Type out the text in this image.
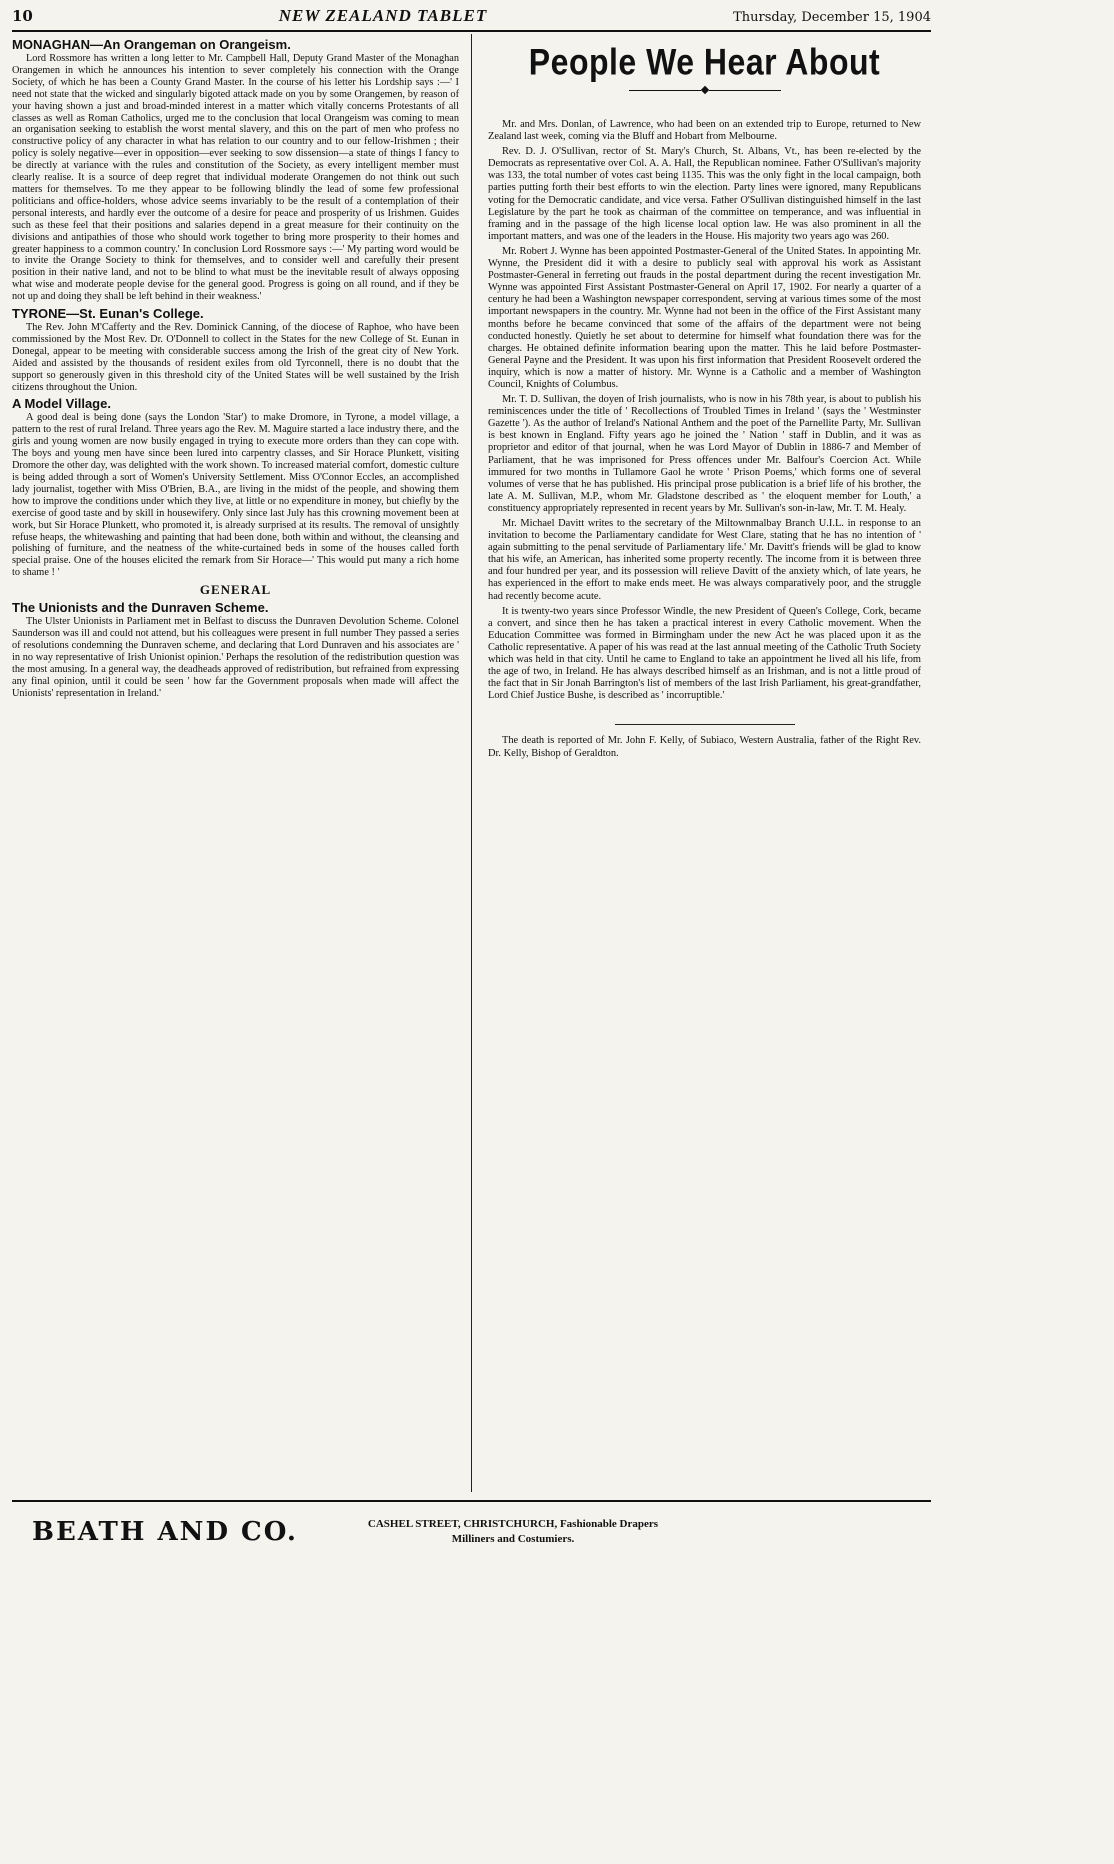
10	NEW ZEALAND TABLET	Thursday, December 15, 1904
MONAGHAN—An Orangeman on Orangeism.

Lord Rossmore has written a long letter to Mr. Campbell Hall, Deputy Grand Master of the Monaghan Orangemen in which he announces his intention to sever completely his connection with the Orange Society, of which he has been a County Grand Master. In the course of his letter his Lordship says :—' I need not state that the wicked and singularly bigoted attack made on you by some Orangemen, by reason of your having shown a just and broad-minded interest in a matter which vitally concerns Protestants of all classes as well as Roman Catholics, urged me to the conclusion that local Orangeism was coming to mean an organisation seeking to establish the worst mental slavery, and this on the part of men who profess no constructive policy of any character in what has relation to our country and to our fellow-Irishmen ; their policy is solely negative—ever in opposition—ever seeking to sow dissension—a state of things I fancy to be directly at variance with the rules and constitution of the Society, as every intelligent member must clearly realise. It is a source of deep regret that individual moderate Orangemen do not think out such matters for themselves. To me they appear to be following blindly the lead of some few professional politicians and office-holders, whose advice seems invariably to be the result of a contemplation of their personal interests, and hardly ever the outcome of a desire for peace and prosperity of us Irishmen. Guides such as these feel that their positions and salaries depend in a great measure for their continuity on the divisions and antipathies of those who should work together to bring more prosperity to their homes and greater happiness to a common country.' In conclusion Lord Rossmore says :—' My parting word would be to invite the Orange Society to think for themselves, and to consider well and carefully their present position in their native land, and not to be blind to what must be the inevitable result of always opposing what wise and moderate people devise for the general good. Progress is going on all round, and if they be not up and doing they shall be left behind in their weakness.'

TYRONE—St. Eunan's College.

The Rev. John M'Cafferty and the Rev. Dominick Canning, of the diocese of Raphoe, who have been commissioned by the Most Rev. Dr. O'Donnell to collect in the States for the new College of St. Eunan in Donegal, appear to be meeting with considerable success among the Irish of the great city of New York. Aided and assisted by the thousands of resident exiles from old Tyrconnell, there is no doubt that the support so generously given in this threshold city of the United States will be well sustained by the Irish citizens throughout the Union.

A Model Village.

A good deal is being done (says the London 'Star') to make Dromore, in Tyrone, a model village, a pattern to the rest of rural Ireland. Three years ago the Rev. M. Maguire started a lace industry there, and the girls and young women are now busily engaged in trying to execute more orders than they can cope with. The boys and young men have since been lured into carpentry classes, and Sir Horace Plunkett, visiting Dromore the other day, was delighted with the work shown. To increased material comfort, domestic culture is being added through a sort of Women's University Settlement. Miss O'Connor Eccles, an accomplished lady journalist, together with Miss O'Brien, B.A., are living in the midst of the people, and showing them how to improve the conditions under which they live, at little or no expenditure in money, but chiefly by the exercise of good taste and by skill in housewifery. Only since last July has this crowning movement been at work, but Sir Horace Plunkett, who promoted it, is already surprised at its results. The removal of unsightly refuse heaps, the whitewashing and painting that had been done, both within and without, the cleansing and polishing of furniture, and the neatness of the white-curtained beds in some of the houses called forth special praise. One of the houses elicited the remark from Sir Horace—' This would put many a rich home to shame ! '

GENERAL
The Unionists and the Dunraven Scheme.

The Ulster Unionists in Parliament met in Belfast to discuss the Dunraven Devolution Scheme. Colonel Saunderson was ill and could not attend, but his colleagues were present in full number They passed a series of resolutions condemning the Dunraven scheme, and declaring that Lord Dunraven and his associates are ' in no way representative of Irish Unionist opinion.' Perhaps the resolution of the redistribution question was the most amusing. In a general way, the deadheads approved of redistribution, but refrained from expressing any final opinion, until it could be seen ' how far the Government proposals when made will affect the Unionists' representation in Ireland.'

People We Hear About

Mr. and Mrs. Donlan, of Lawrence, who had been on an extended trip to Europe, returned to New Zealand last week, coming via the Bluff and Hobart from Melbourne.

Rev. D. J. O'Sullivan, rector of St. Mary's Church, St. Albans, Vt., has been re-elected by the Democrats as representative over Col. A. A. Hall, the Republican nominee. Father O'Sullivan's majority was 133, the total number of votes cast being 1135. This was the only fight in the local campaign, both parties putting forth their best efforts to win the election. Party lines were ignored, many Republicans voting for the Democratic candidate, and vice versa. Father O'Sullivan distinguished himself in the last Legislature by the part he took as chairman of the committee on temperance, and was influential in framing and in the passage of the high license local option law. He was also prominent in all the important matters, and was one of the leaders in the House. His majority two years ago was 260.

Mr. Robert J. Wynne has been appointed Postmaster-General of the United States. In appointing Mr. Wynne, the President did it with a desire to publicly seal with approval his work as Assistant Postmaster-General in ferreting out frauds in the postal department during the recent investigation Mr. Wynne was appointed First Assistant Postmaster-General on April 17, 1902. For nearly a quarter of a century he had been a Washington newspaper correspondent, serving at various times some of the most important newspapers in the country. Mr. Wynne had not been in the office of the First Assistant many months before he became convinced that some of the affairs of the department were not being conducted honestly. Quietly he set about to determine for himself what foundation there was for the charges. He obtained definite information bearing upon the matter. This he laid before Postmaster-General Payne and the President. It was upon his first information that President Roosevelt ordered the inquiry, which is now a matter of history. Mr. Wynne is a Catholic and a member of Washington Council, Knights of Columbus.

Mr. T. D. Sullivan, the doyen of Irish journalists, who is now in his 78th year, is about to publish his reminiscences under the title of ' Recollections of Troubled Times in Ireland ' (says the ' Westminster Gazette '). As the author of Ireland's National Anthem and the poet of the Parnellite Party, Mr. Sullivan is best known in England. Fifty years ago he joined the ' Nation ' staff in Dublin, and it was as proprietor and editor of that journal, when he was Lord Mayor of Dublin in 1886-7 and Member of Parliament, that he was imprisoned for Press offences under Mr. Balfour's Coercion Act. While immured for two months in Tullamore Gaol he wrote ' Prison Poems,' which forms one of several volumes of verse that he has published. His principal prose publication is a brief life of his brother, the late A. M. Sullivan, M.P., whom Mr. Gladstone described as ' the eloquent member for Louth,' a constituency appropriately represented in recent years by Mr. Sullivan's son-in-law, Mr. T. M. Healy.

Mr. Michael Davitt writes to the secretary of the Miltownmalbay Branch U.I.L. in response to an invitation to become the Parliamentary candidate for West Clare, stating that he has no intention of ' again submitting to the penal servitude of Parliamentary life.' Mr. Davitt's friends will be glad to know that his wife, an American, has inherited some property recently. The income from it is between three and four hundred per year, and its possession will relieve Davitt of the anxiety which, of late years, he has experienced in the effort to make ends meet. He was always comparatively poor, and the struggle had recently become acute.

It is twenty-two years since Professor Windle, the new President of Queen's College, Cork, became a convert, and since then he has taken a practical interest in every Catholic movement. When the Education Committee was formed in Birmingham under the new Act he was placed upon it as the Catholic representative. A paper of his was read at the last annual meeting of the Catholic Truth Society which was held in that city. Until he came to England to take an appointment he lived all his life, from the age of two, in Ireland. He has always described himself as an Irishman, and is not a little proud of the fact that in Sir Jonah Barrington's list of members of the last Irish Parliament, his great-grandfather, Lord Chief Justice Bushe, is described as ' incorruptible.'

The death is reported of Mr. John F. Kelly, of Subiaco, Western Australia, father of the Right Rev. Dr. Kelly, Bishop of Geraldton.

BEATH AND CO.	CASHEL STREET, CHRISTCHURCH, Fashionable Drapers
Milliners and Costumiers.
